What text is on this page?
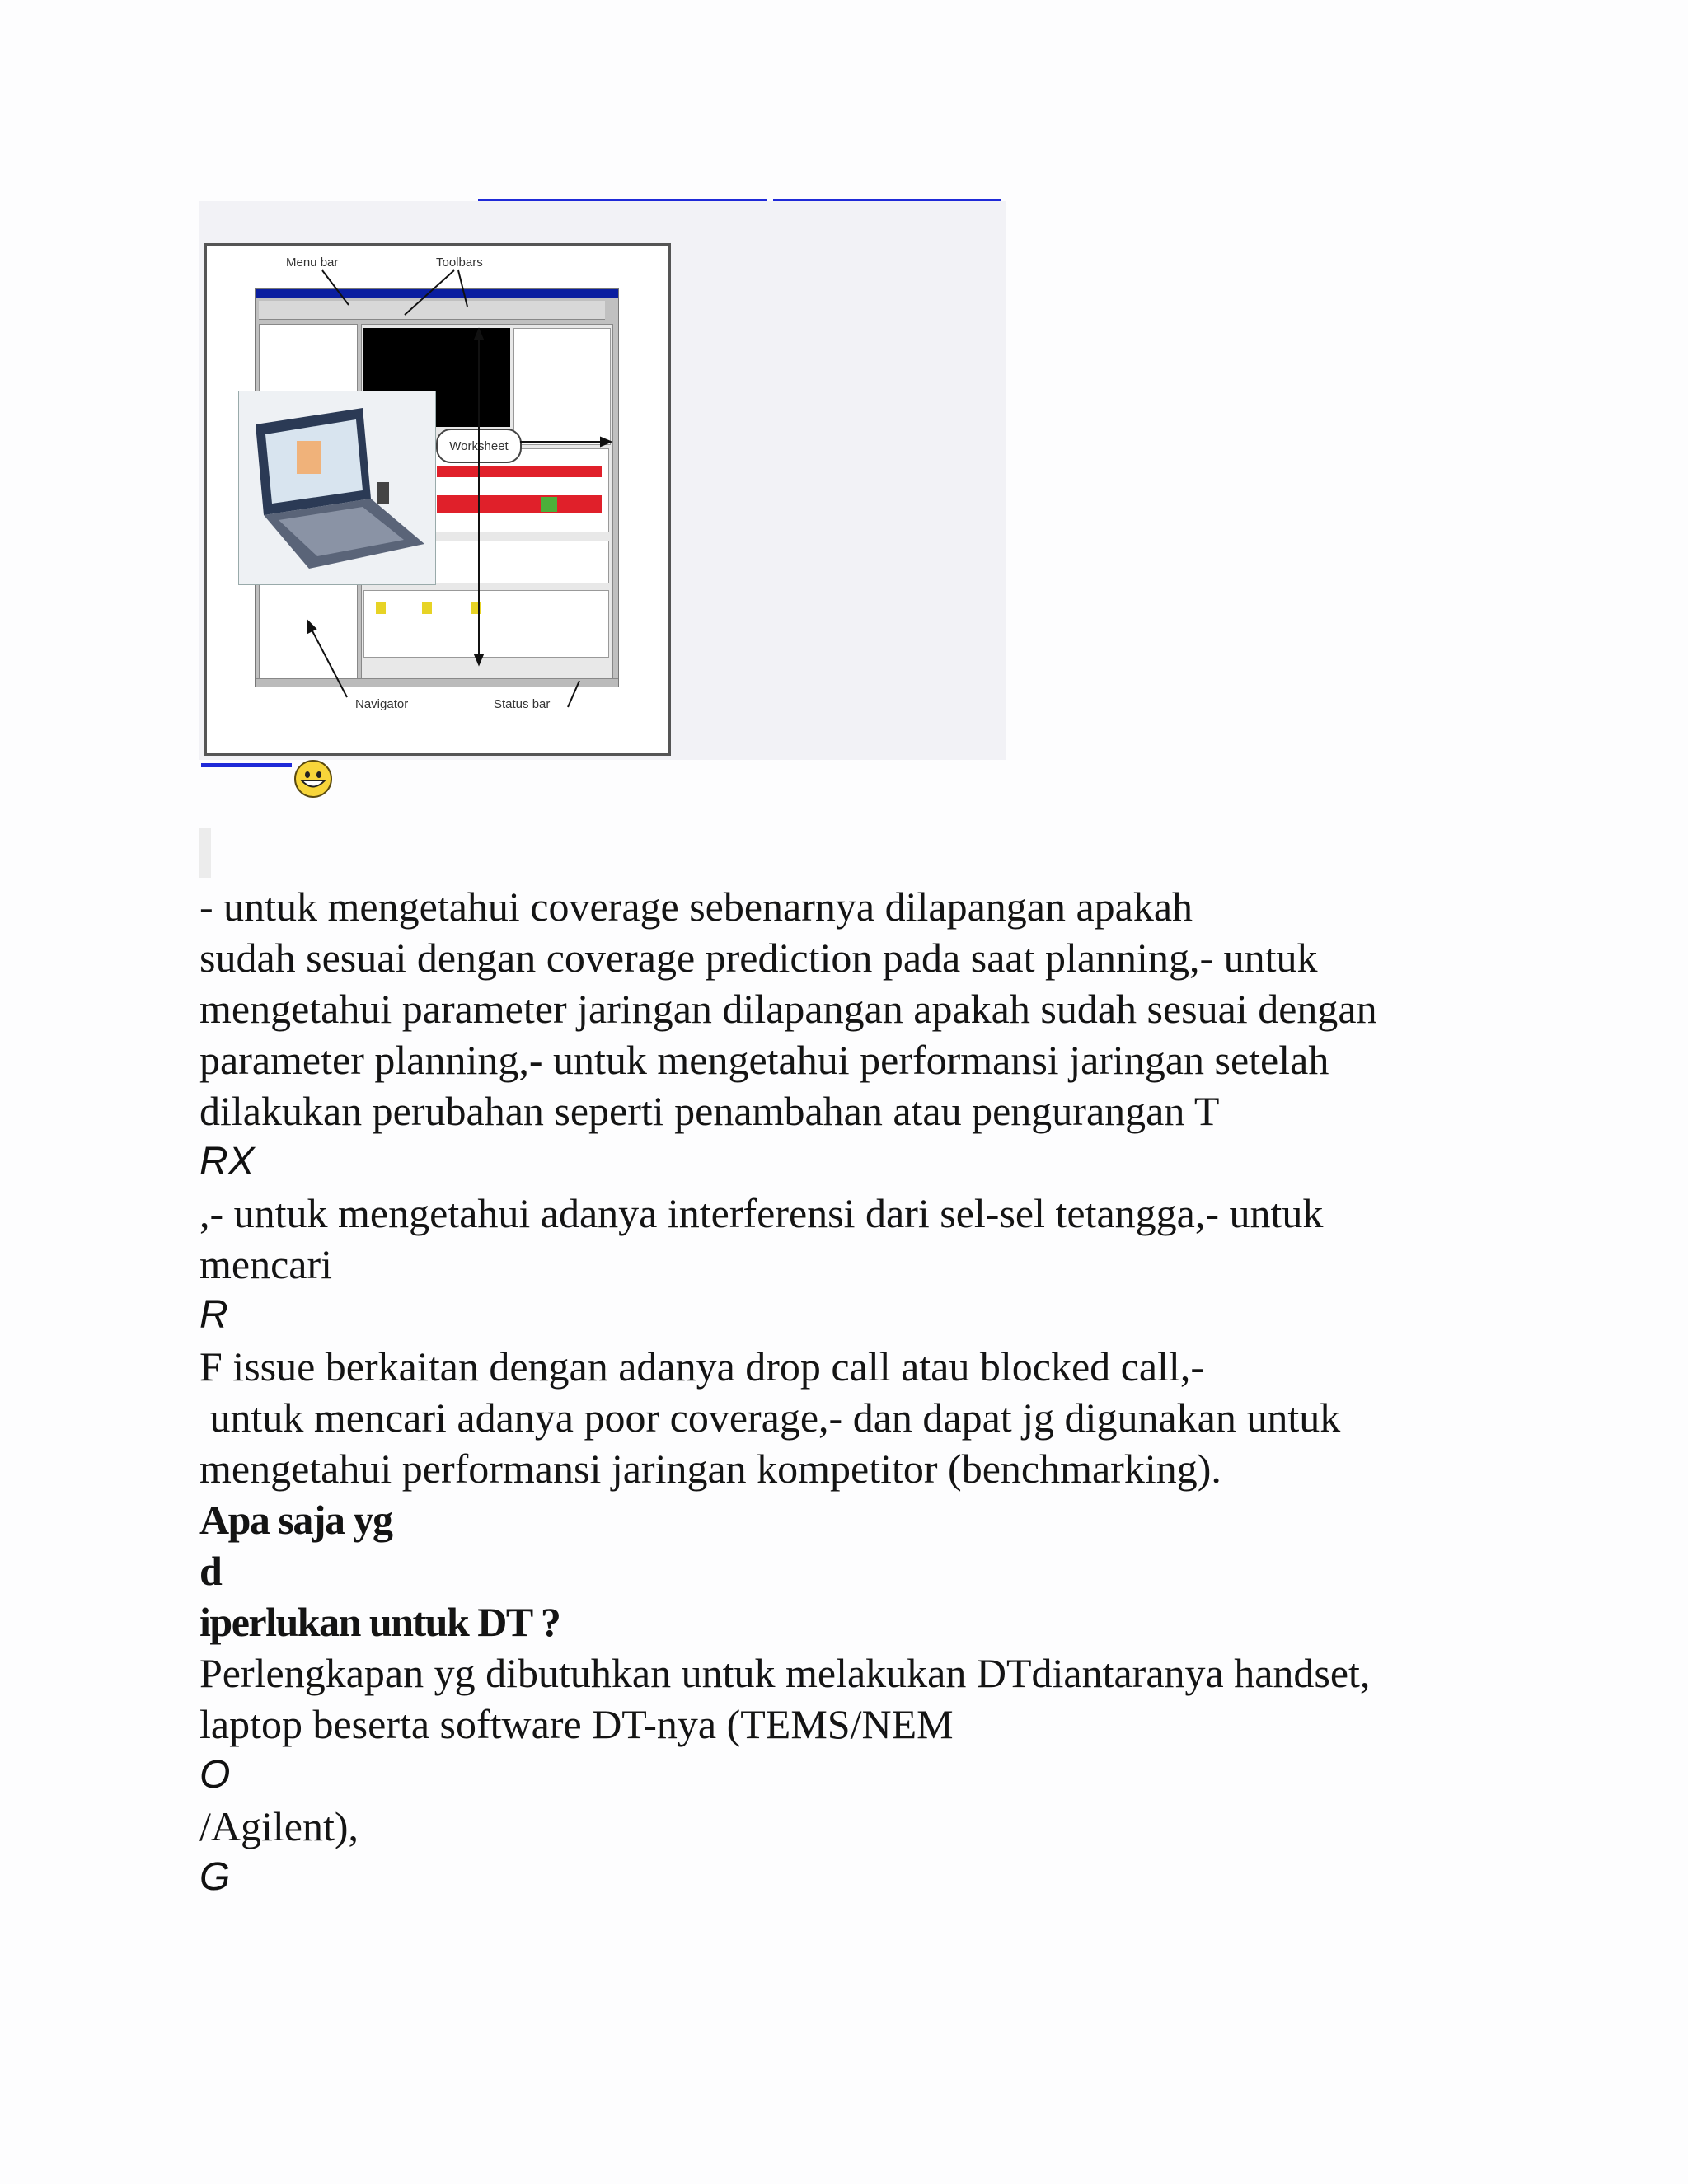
Menu bar	Toolbars
Worksheet
Navigator	Status bar
- untuk mengetahui coverage sebenarnya dilapangan apakah
sudah sesuai dengan coverage prediction pada saat planning,- untuk
mengetahui parameter jaringan dilapangan apakah sudah sesuai dengan
parameter planning,- untuk mengetahui performansi jaringan setelah
dilakukan perubahan seperti penambahan atau pengurangan T
RX
,- untuk mengetahui adanya interferensi dari sel-sel tetangga,- untuk
mencari
R
F issue berkaitan dengan adanya drop call atau blocked call,-
untuk mencari adanya poor coverage,- dan dapat jg digunakan untuk
mengetahui performansi jaringan kompetitor (benchmarking).
Apa saja yg
d
iperlukan untuk DT ?
Perlengkapan yg dibutuhkan untuk melakukan DTdiantaranya handset,
laptop beserta software DT-nya (TEMS/NEM
O
/Agilent),
G
